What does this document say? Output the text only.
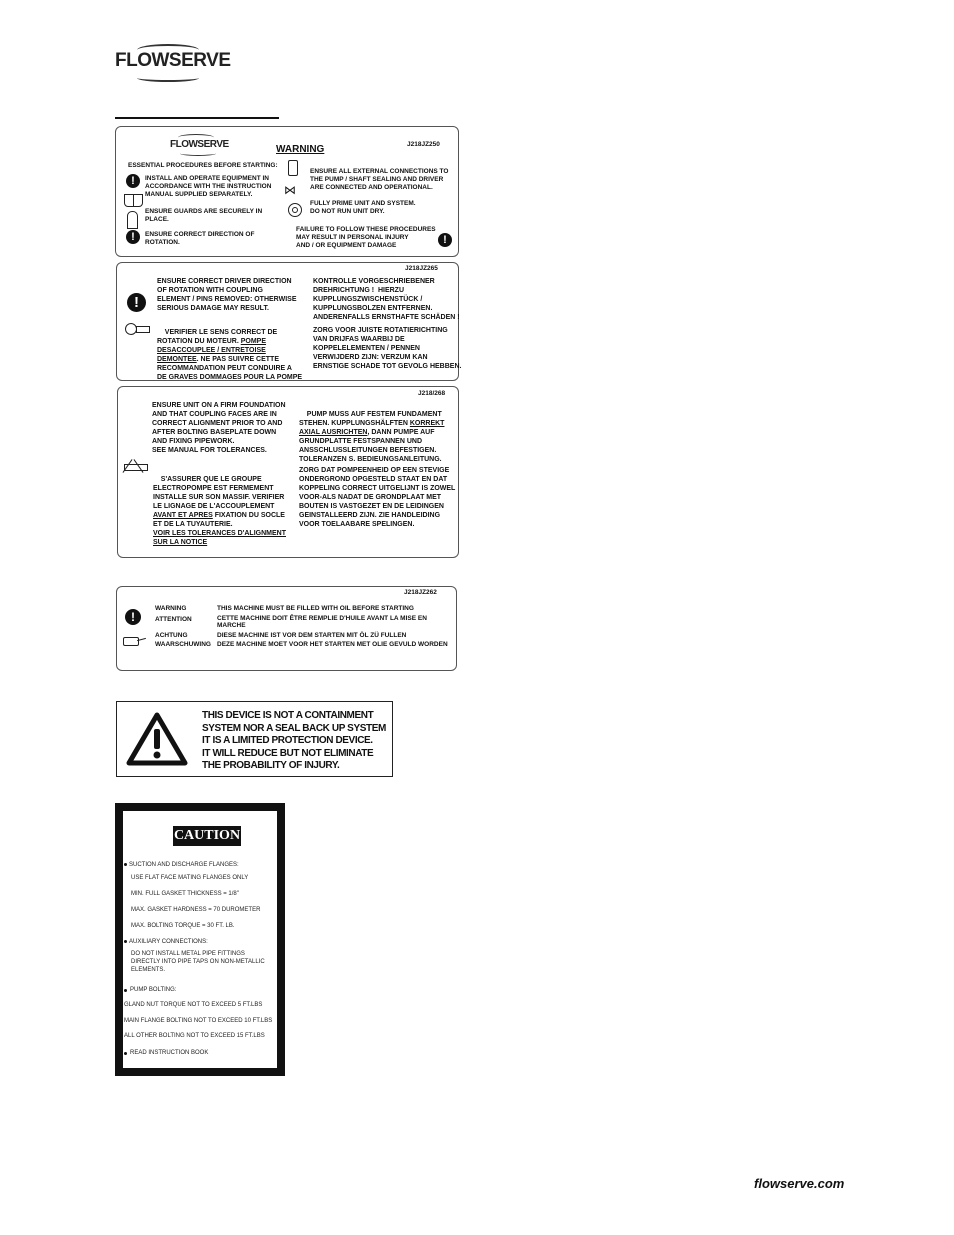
FLOWSERVE
FLOWSERVE	WARNING	J218JZ250
ESSENTIAL PROCEDURES BEFORE STARTING:
!	INSTALL AND OPERATE EQUIPMENT IN
ACCORDANCE WITH THE INSTRUCTION
MANUAL SUPPLIED SEPARATELY.
ENSURE GUARDS ARE SECURELY IN
PLACE.
!	ENSURE CORRECT DIRECTION OF
ROTATION.
⋈
ENSURE ALL EXTERNAL CONNECTIONS TO
THE PUMP / SHAFT SEALING AND DRIVER
ARE CONNECTED AND OPERATIONAL.
FULLY PRIME UNIT AND SYSTEM.
DO NOT RUN UNIT DRY.
FAILURE TO FOLLOW THESE PROCEDURES
MAY RESULT IN PERSONAL INJURY
AND / OR EQUIPMENT DAMAGE	!
J218JZ265
!
ENSURE CORRECT DRIVER DIRECTION
OF ROTATION WITH COUPLING
ELEMENT / PINS REMOVED: OTHERWISE
SERIOUS DAMAGE MAY RESULT.

VERIFIER LE SENS CORRECT DE
ROTATION DU MOTEUR. POMPE
DESACCOUPLEE / ENTRETOISE
DEMONTEE. NE PAS SUIVRE CETTE
RECOMMANDATION PEUT CONDUIRE A
DE GRAVES DOMMAGES POUR LA POMPE
KONTROLLE VORGESCHRIEBENER
DREHRICHTUNG !  HIERZU
KUPPLUNGSZWISCHENSTÜCK /
KUPPLUNGSBOLZEN ENTFERNEN.
ANDERENFALLS ERNSTHAFTE SCHÄDEN !
ZORG VOOR JUISTE ROTATIERICHTING
VAN DRIJFAS WAARBIJ DE
KOPPELELEMENTEN / PENNEN
VERWIJDERD ZIJN: VERZUM KAN
ERNSTIGE SCHADE TOT GEVOLG HEBBEN.
J218/268
ENSURE UNIT ON A FIRM FOUNDATION
AND THAT COUPLING FACES ARE IN
CORRECT ALIGNMENT PRIOR TO AND
AFTER BOLTING BASEPLATE DOWN
AND FIXING PIPEWORK.
SEE MANUAL FOR TOLERANCES.

S'ASSURER QUE LE GROUPE
ELECTROPOMPE EST FERMEMENT
INSTALLE SUR SON MASSIF. VERIFIER
LE LIGNAGE DE L'ACCOUPLEMENT
AVANT ET APRES FIXATION DU SOCLE
ET DE LA TUYAUTERIE.
VOIR LES TOLERANCES D'ALIGNMENT
SUR LA NOTICE

PUMP MUSS AUF FESTEM FUNDAMENT
STEHEN. KUPPLUNGSHÄLFTEN KORREKT
AXIAL AUSRICHTEN, DANN PUMPE AUF
GRUNDPLATTE FESTSPANNEN UND
ANSSCHLUSSLEITUNGEN BEFESTIGEN.
TOLERANZEN S. BEDIEUNGSANLEITUNG.
ZORG DAT POMPEENHEID OP EEN STEVIGE
ONDERGROND OPGESTELD STAAT EN DAT
KOPPELING CORRECT UITGELIJNT IS ZOWEL
VOOR-ALS NADAT DE GRONDPLAAT MET
BOUTEN IS VASTGEZET EN DE LEIDINGEN
GEINSTALLEERD ZIJN. ZIE HANDLEIDING
VOOR TOELAABARE SPELINGEN.
J218JZ262
!
WARNING	THIS MACHINE MUST BE FILLED WITH OIL BEFORE STARTING
ATTENTION	CETTE MACHINE DOIT ÊTRE REMPLIE D'HUILE AVANT LA MISE EN
MARCHE
ACHTUNG	DIESE MACHINE IST VOR DEM STARTEN MIT ÖL ZÜ FULLEN
WAARSCHUWING DEZE MACHINE MOET VOOR HET STARTEN MET OLIE GEVULD WORDEN
THIS DEVICE IS NOT A CONTAINMENT
SYSTEM NOR A SEAL BACK UP SYSTEM
IT IS A LIMITED PROTECTION DEVICE.
IT WILL REDUCE BUT NOT ELIMINATE
THE PROBABILITY OF INJURY.
CAUTION
SUCTION AND DISCHARGE FLANGES:
USE FLAT FACE MATING FLANGES ONLY
MIN. FULL GASKET THICKNESS = 1/8"
MAX. GASKET HARDNESS = 70 DUROMETER
MAX. BOLTING TORQUE = 30 FT. LB.
AUXILIARY CONNECTIONS:
DO NOT INSTALL METAL PIPE FITTINGS
DIRECTLY INTO PIPE TAPS ON NON-METALLIC
ELEMENTS.
PUMP BOLTING:
GLAND NUT TORQUE NOT TO EXCEED 5 FT.LBS
MAIN FLANGE BOLTING NOT TO EXCEED 10 FT.LBS
ALL OTHER BOLTING NOT TO EXCEED 15 FT.LBS
READ INSTRUCTION BOOK
flowserve.com
